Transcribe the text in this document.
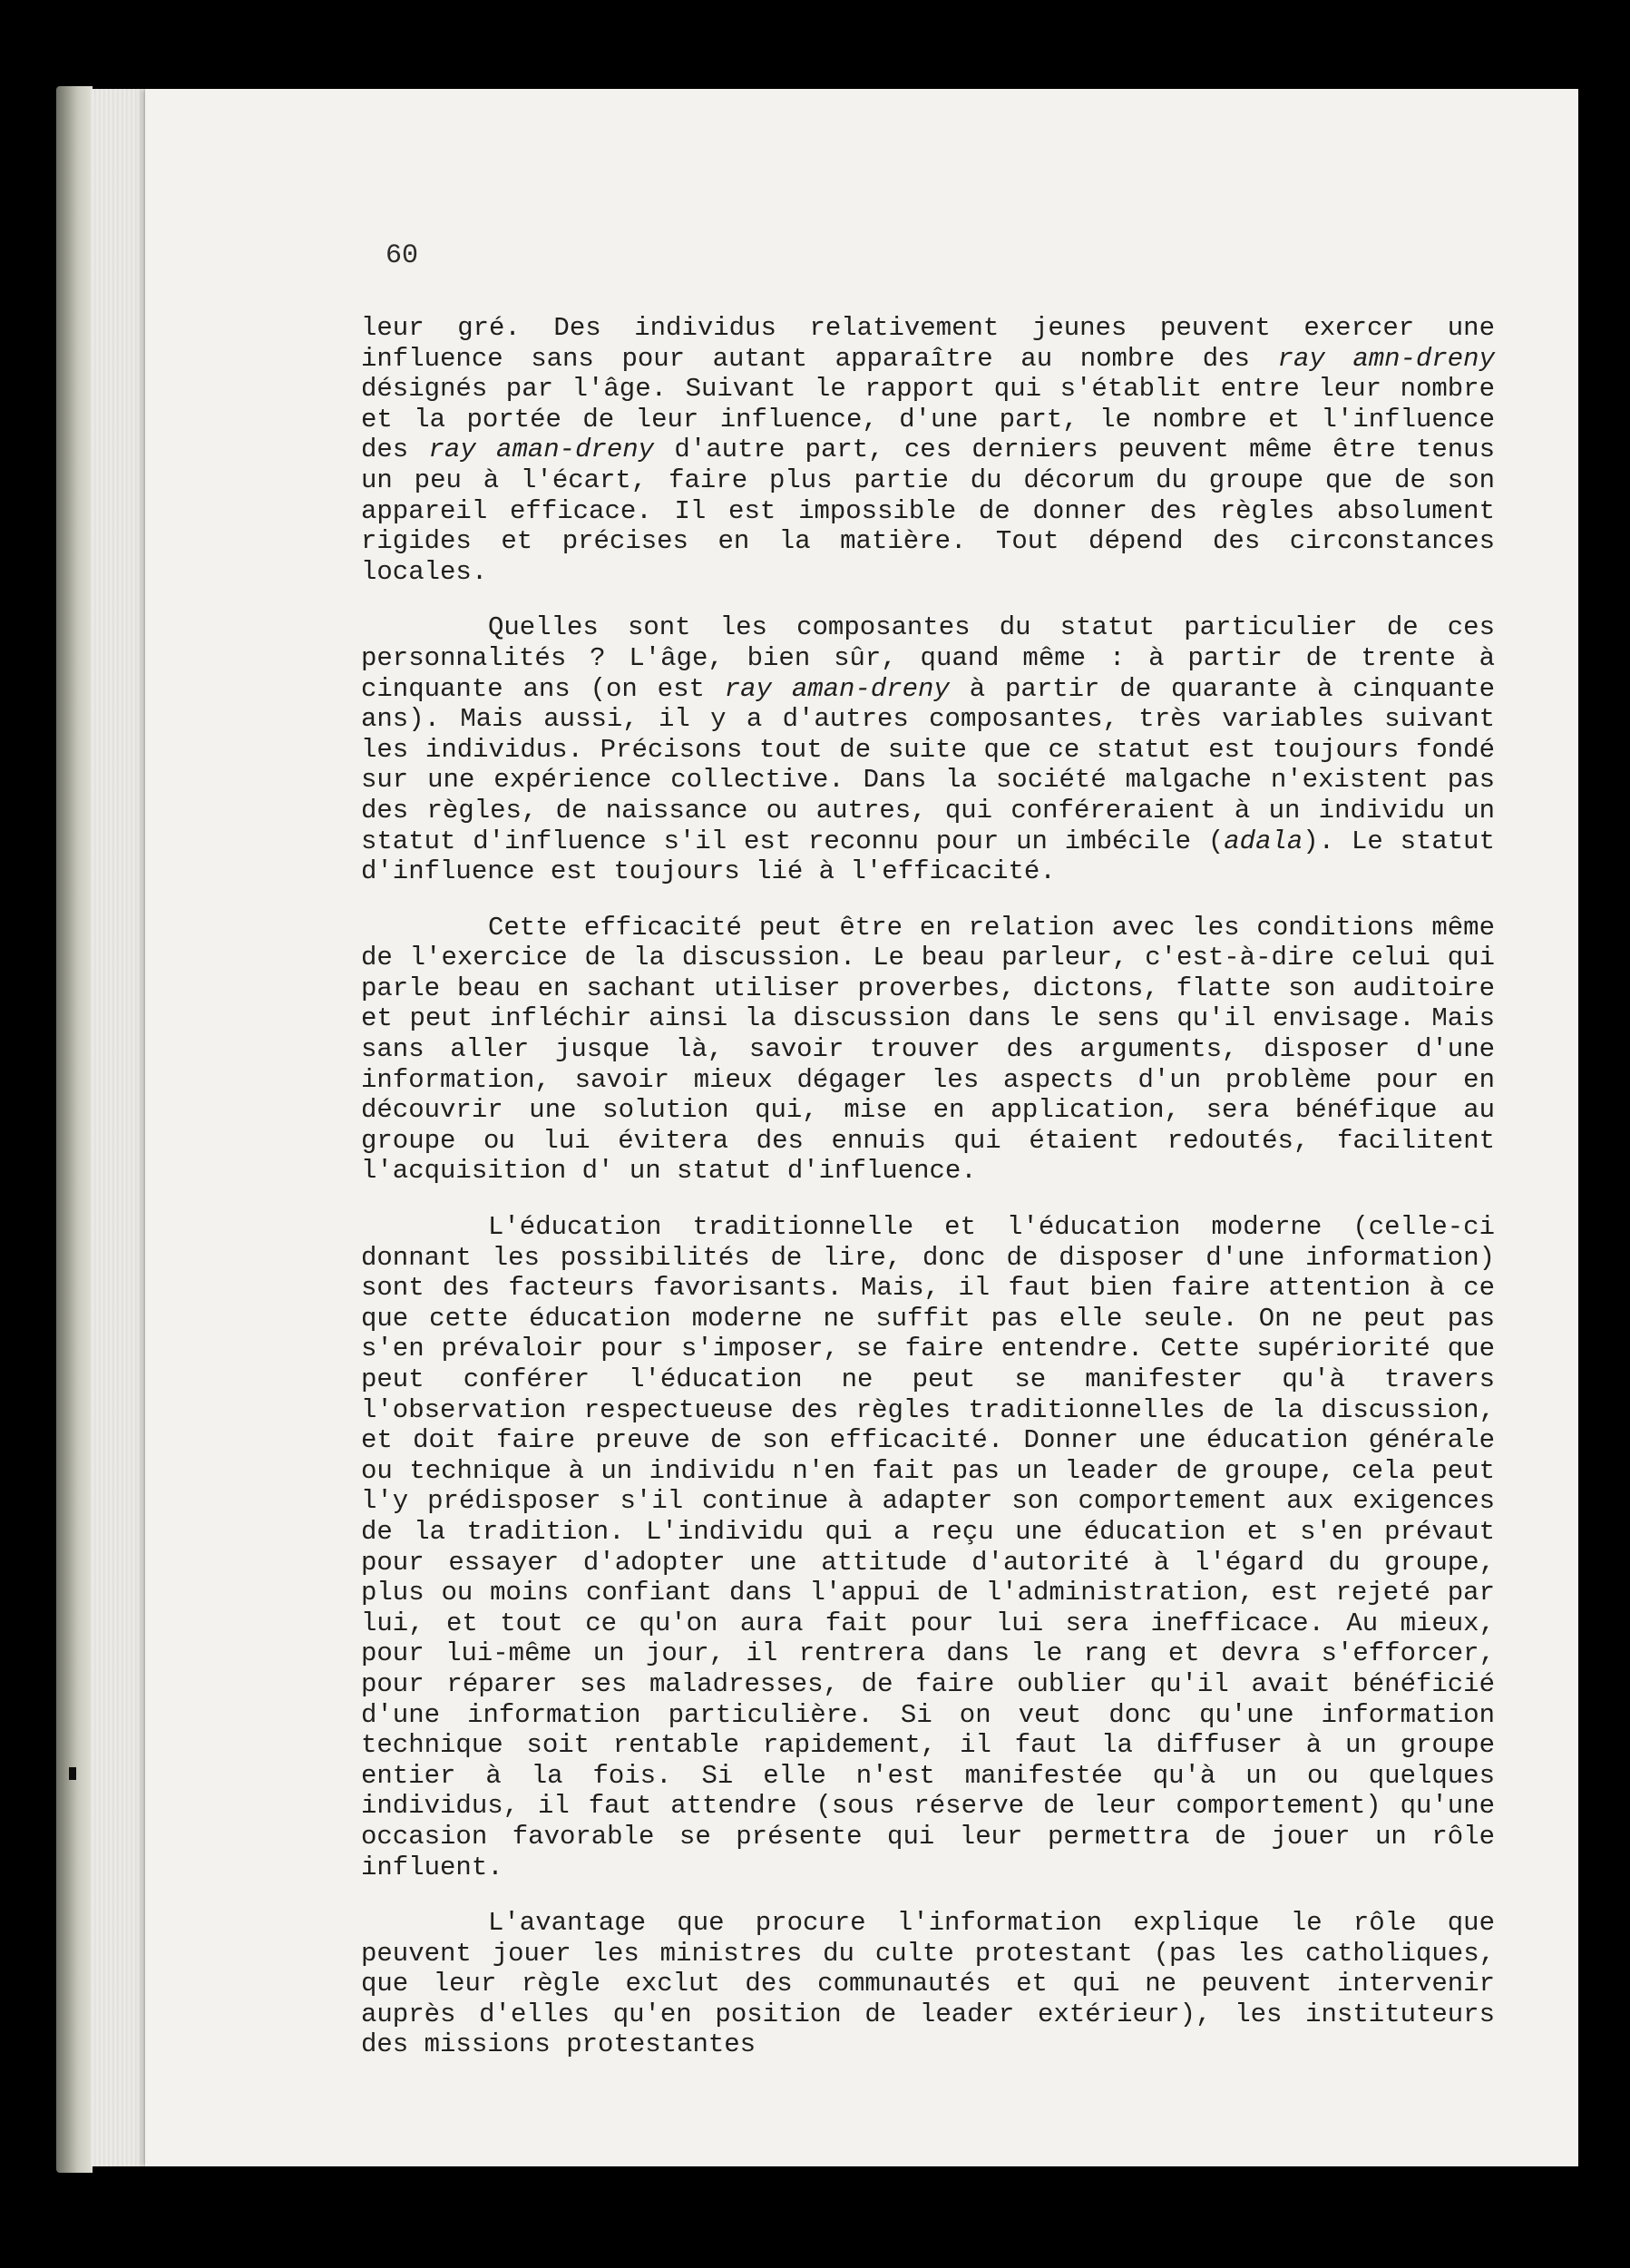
60

leur gré. Des individus relativement jeunes peuvent exercer une influence sans pour autant apparaître au nombre des ray amn-dreny désignés par l'âge. Suivant le rapport qui s'établit entre leur nombre et la portée de leur influence, d'une part, le nombre et l'influence des ray aman-dreny d'autre part, ces derniers peuvent même être tenus un peu à l'écart, faire plus partie du décorum du groupe que de son appareil efficace. Il est impossible de donner des règles absolument rigides et précises en la matière. Tout dépend des circonstances locales.

Quelles sont les composantes du statut particulier de ces personnalités ? L'âge, bien sûr, quand même : à partir de trente à cinquante ans (on est ray aman-dreny à partir de quarante à cinquante ans). Mais aussi, il y a d'autres composantes, très variables suivant les individus. Précisons tout de suite que ce statut est toujours fondé sur une expérience collective. Dans la société malgache n'existent pas des règles, de naissance ou autres, qui conféreraient à un individu un statut d'influence s'il est reconnu pour un imbécile (adala). Le statut d'influence est toujours lié à l'efficacité.

Cette efficacité peut être en relation avec les conditions même de l'exercice de la discussion. Le beau parleur, c'est-à-dire celui qui parle beau en sachant utiliser proverbes, dictons, flatte son auditoire et peut infléchir ainsi la discussion dans le sens qu'il envisage. Mais sans aller jusque là, savoir trouver des arguments, disposer d'une information, savoir mieux dégager les aspects d'un problème pour en découvrir une solution qui, mise en application, sera bénéfique au groupe ou lui évitera des ennuis qui étaient redoutés, facilitent l'acquisition d' un statut d'influence.

L'éducation traditionnelle et l'éducation moderne (celle-ci donnant les possibilités de lire, donc de disposer d'une information) sont des facteurs favorisants. Mais, il faut bien faire attention à ce que cette éducation moderne ne suffit pas elle seule. On ne peut pas s'en prévaloir pour s'imposer, se faire entendre. Cette supériorité que peut conférer l'éducation ne peut se manifester qu'à travers l'observation respectueuse des règles traditionnelles de la discussion, et doit faire preuve de son efficacité. Donner une éducation générale ou technique à un individu n'en fait pas un leader de groupe, cela peut l'y prédisposer s'il continue à adapter son comportement aux exigences de la tradition. L'individu qui a reçu une éducation et s'en prévaut pour essayer d'adopter une attitude d'autorité à l'égard du groupe, plus ou moins confiant dans l'appui de l'administration, est rejeté par lui, et tout ce qu'on aura fait pour lui sera inefficace. Au mieux, pour lui-même un jour, il rentrera dans le rang et devra s'efforcer, pour réparer ses maladresses, de faire oublier qu'il avait bénéficié d'une information particulière. Si on veut donc qu'une information technique soit rentable rapidement, il faut la diffuser à un groupe entier à la fois. Si elle n'est manifestée qu'à un ou quelques individus, il faut attendre (sous réserve de leur comportement) qu'une occasion favorable se présente qui leur permettra de jouer un rôle influent.

L'avantage que procure l'information explique le rôle que peuvent jouer les ministres du culte protestant (pas les catholiques, que leur règle exclut des communautés et qui ne peuvent intervenir auprès d'elles qu'en position de leader extérieur), les instituteurs des missions protestantes
